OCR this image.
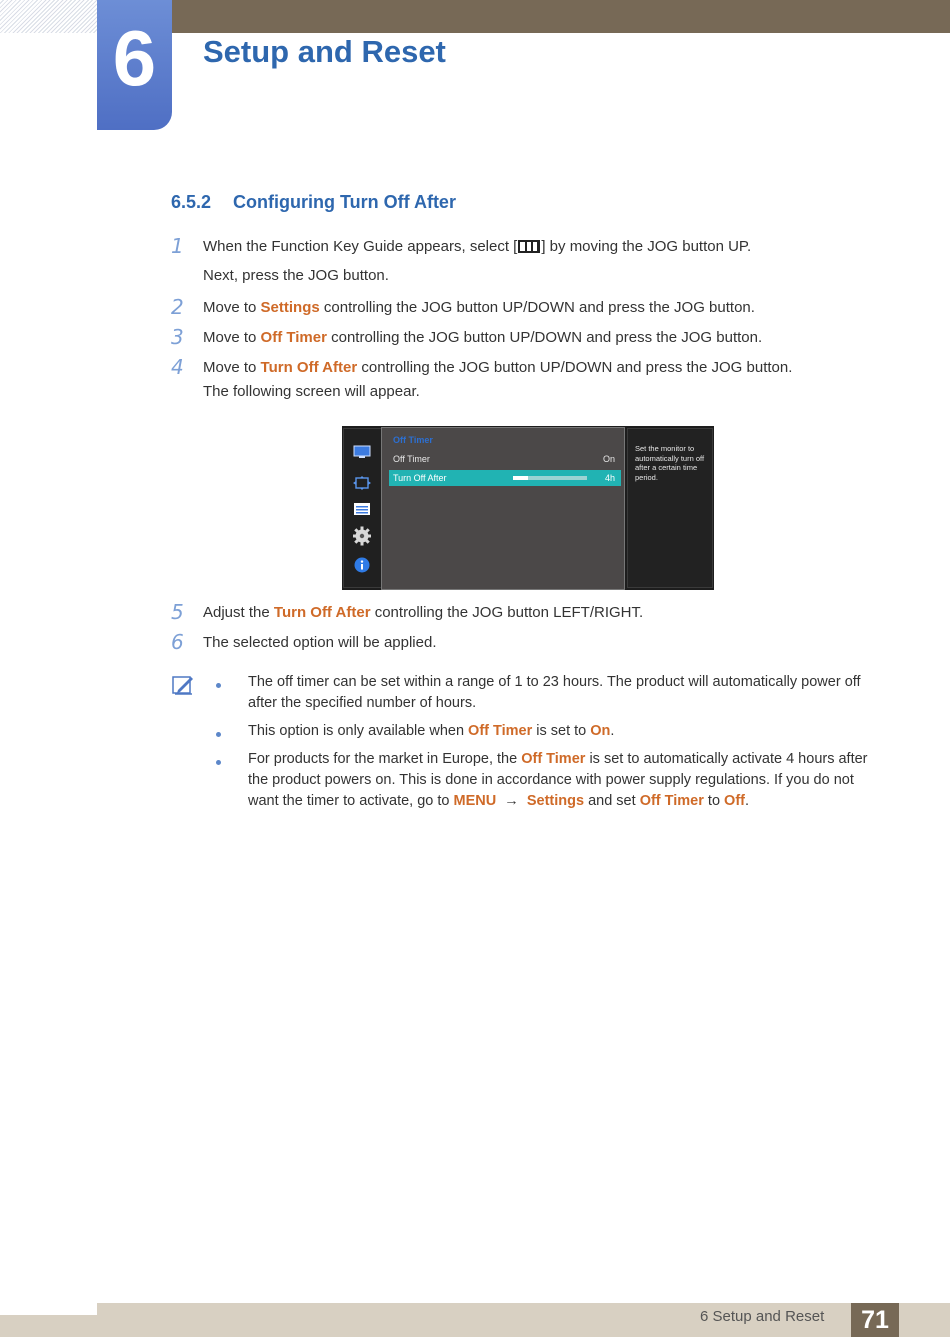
6	Setup and Reset
6.5.2 Configuring Turn Off After
1 When the Function Key Guide appears, select [ ] by moving the JOG button UP.
Next, press the JOG button.
2 Move to Settings controlling the JOG button UP/DOWN and press the JOG button.
3 Move to Off Timer controlling the JOG button UP/DOWN and press the JOG button.
4 Move to Turn Off After controlling the JOG button UP/DOWN and press the JOG button.
The following screen will appear.
Off Timer
Off Timer	On
Turn Off After	4h
Set the monitor to automatically turn off after a certain time period.
5 Adjust the Turn Off After controlling the JOG button LEFT/RIGHT.
6 The selected option will be applied.
The off timer can be set within a range of 1 to 23 hours. The product will automatically power off after the specified number of hours.
This option is only available when Off Timer is set to On.
For products for the market in Europe, the Off Timer is set to automatically activate 4 hours after the product powers on. This is done in accordance with power supply regulations. If you do not want the timer to activate, go to MENU → Settings and set Off Timer to Off.
6 Setup and Reset	71
